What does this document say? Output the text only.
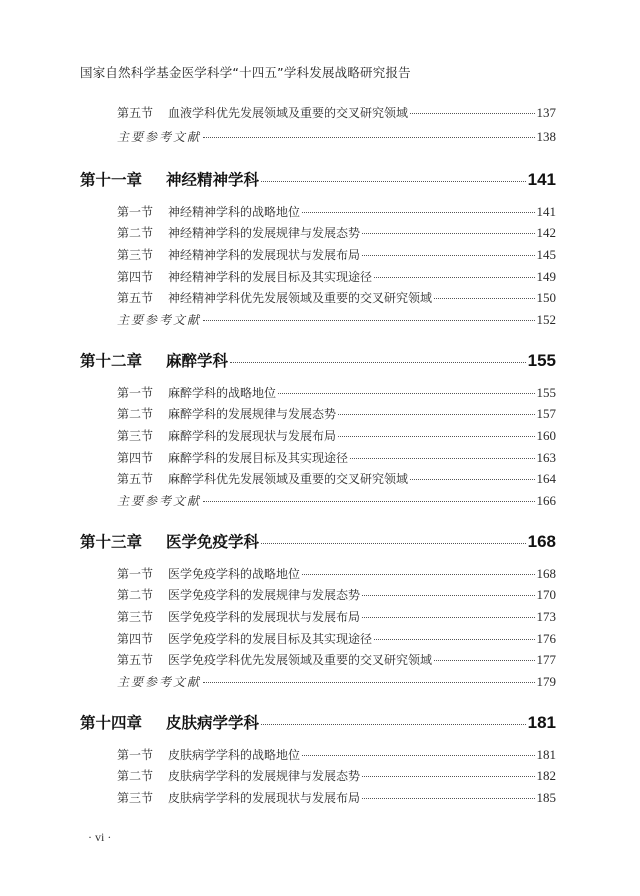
国家自然科学基金医学科学“十四五”学科发展战略研究报告
第五节	血液学科优先发展领域及重要的交叉研究领域	137
主要参考文献	138
第十一章	神经精神学科	141
第一节	神经精神学科的战略地位	141
第二节	神经精神学科的发展规律与发展态势	142
第三节	神经精神学科的发展现状与发展布局	145
第四节	神经精神学科的发展目标及其实现途径	149
第五节	神经精神学科优先发展领域及重要的交叉研究领域	150
主要参考文献	152
第十二章	麻醉学科	155
第一节	麻醉学科的战略地位	155
第二节	麻醉学科的发展规律与发展态势	157
第三节	麻醉学科的发展现状与发展布局	160
第四节	麻醉学科的发展目标及其实现途径	163
第五节	麻醉学科优先发展领域及重要的交叉研究领域	164
主要参考文献	166
第十三章	医学免疫学科	168
第一节	医学免疫学科的战略地位	168
第二节	医学免疫学科的发展规律与发展态势	170
第三节	医学免疫学科的发展现状与发展布局	173
第四节	医学免疫学科的发展目标及其实现途径	176
第五节	医学免疫学科优先发展领域及重要的交叉研究领域	177
主要参考文献	179
第十四章	皮肤病学学科	181
第一节	皮肤病学学科的战略地位	181
第二节	皮肤病学学科的发展规律与发展态势	182
第三节	皮肤病学学科的发展现状与发展布局	185
· vi ·
